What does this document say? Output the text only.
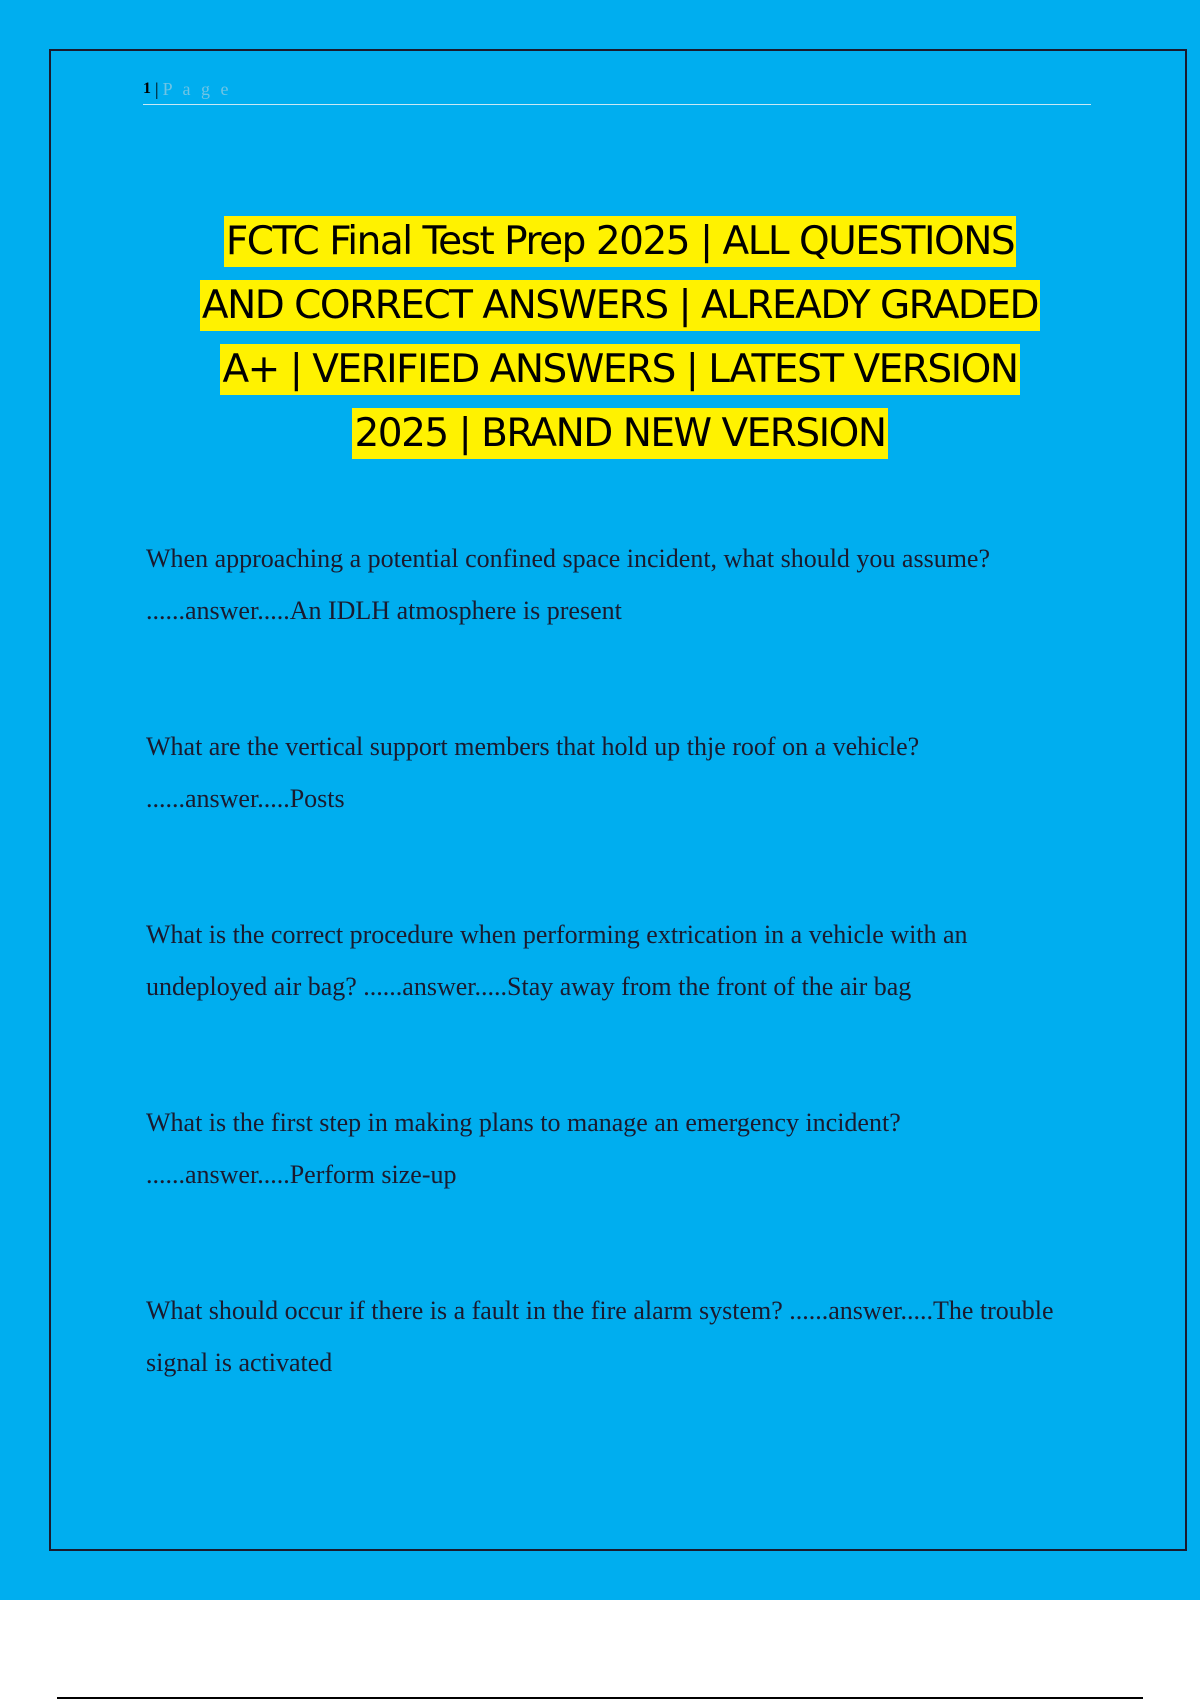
1 | P a g e
FCTC Final Test Prep 2025 | ALL QUESTIONS
AND CORRECT ANSWERS | ALREADY GRADED
A+ | VERIFIED ANSWERS | LATEST VERSION
2025 | BRAND NEW VERSION

When approaching a potential confined space incident, what should you assume? ......answer.....An IDLH atmosphere is present

What are the vertical support members that hold up thje roof on a vehicle? ......answer.....Posts

What is the correct procedure when performing extrication in a vehicle with an undeployed air bag? ......answer.....Stay away from the front of the air bag

What is the first step in making plans to manage an emergency incident? ......answer.....Perform size-up

What should occur if there is a fault in the fire alarm system? ......answer.....The trouble signal is activated
